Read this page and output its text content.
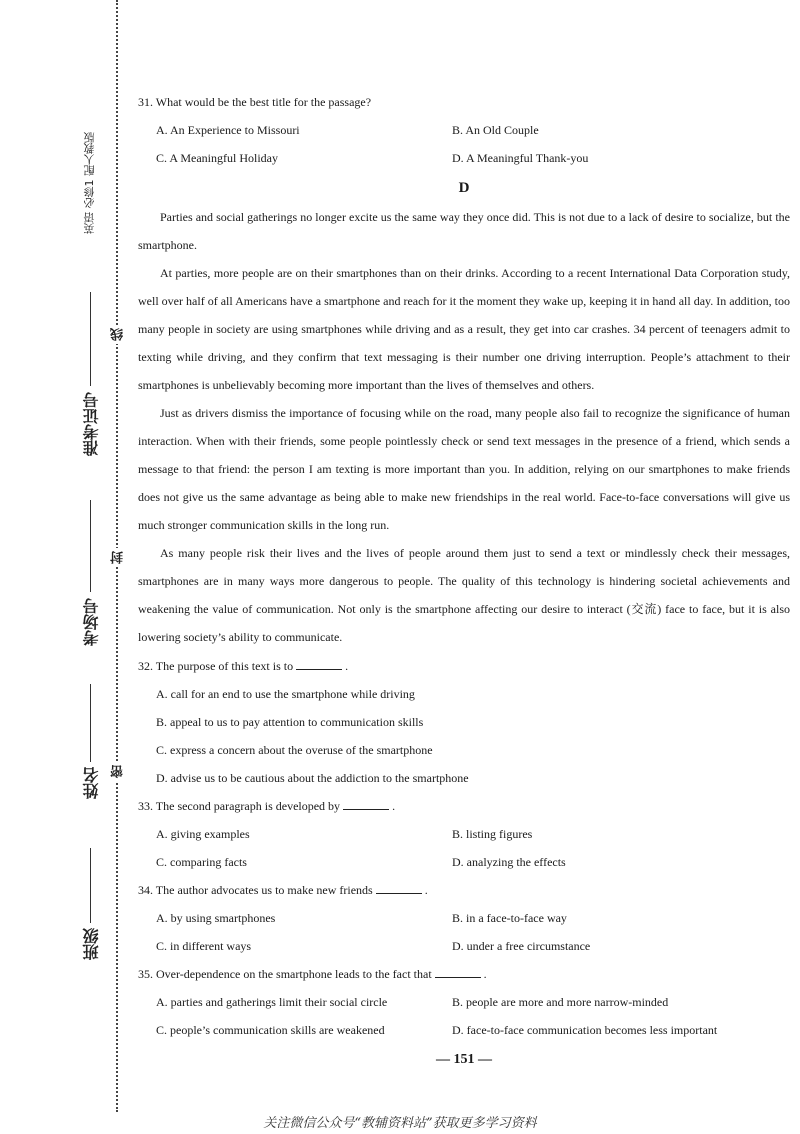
英语 必修1 配人教版
班级
姓名
考场号
准考证号
密
封
线
31. What would be the best title for the passage?
A. An Experience to Missouri	B. An Old Couple
C. A Meaningful Holiday	D. A Meaningful Thank-you
D

Parties and social gatherings no longer excite us the same way they once did. This is not due to a lack of desire to socialize, but the smartphone.

At parties, more people are on their smartphones than on their drinks. According to a recent International Data Corporation study, well over half of all Americans have a smartphone and reach for it the moment they wake up, keeping it in hand all day. In addition, too many people in society are using smartphones while driving and as a result, they get into car crashes. 34 percent of teenagers admit to texting while driving, and they confirm that text messaging is their number one driving interruption. People’s attachment to their smartphones is unbelievably becoming more important than the lives of themselves and others.

Just as drivers dismiss the importance of focusing while on the road, many people also fail to recognize the significance of human interaction. When with their friends, some people pointlessly check or send text messages in the presence of a friend, which sends a message to that friend: the person I am texting is more important than you. In addition, relying on our smartphones to make friends does not give us the same advantage as being able to make new friendships in the real world. Face-to-face conversations will give us much stronger communication skills in the long run.

As many people risk their lives and the lives of people around them just to send a text or mindlessly check their messages, smartphones are in many ways more dangerous to people. The quality of this technology is hindering societal achievements and weakening the value of communication. Not only is the smartphone affecting our desire to interact (交流) face to face, but it is also lowering society’s ability to communicate.

32. The purpose of this text is to	.
A. call for an end to use the smartphone while driving
B. appeal to us to pay attention to communication skills
C. express a concern about the overuse of the smartphone
D. advise us to be cautious about the addiction to the smartphone
33. The second paragraph is developed by	.
A. giving examples	B. listing figures
C. comparing facts	D. analyzing the effects
34. The author advocates us to make new friends	.
A. by using smartphones	B. in a face-to-face way
C. in different ways	D. under a free circumstance
35. Over-dependence on the smartphone leads to the fact that	.
A. parties and gatherings limit their social circle	B. people are more and more narrow-minded
C. people’s communication skills are weakened	D. face-to-face communication becomes less important
— 151 —
关注微信公众号“教辅资料站”获取更多学习资料
